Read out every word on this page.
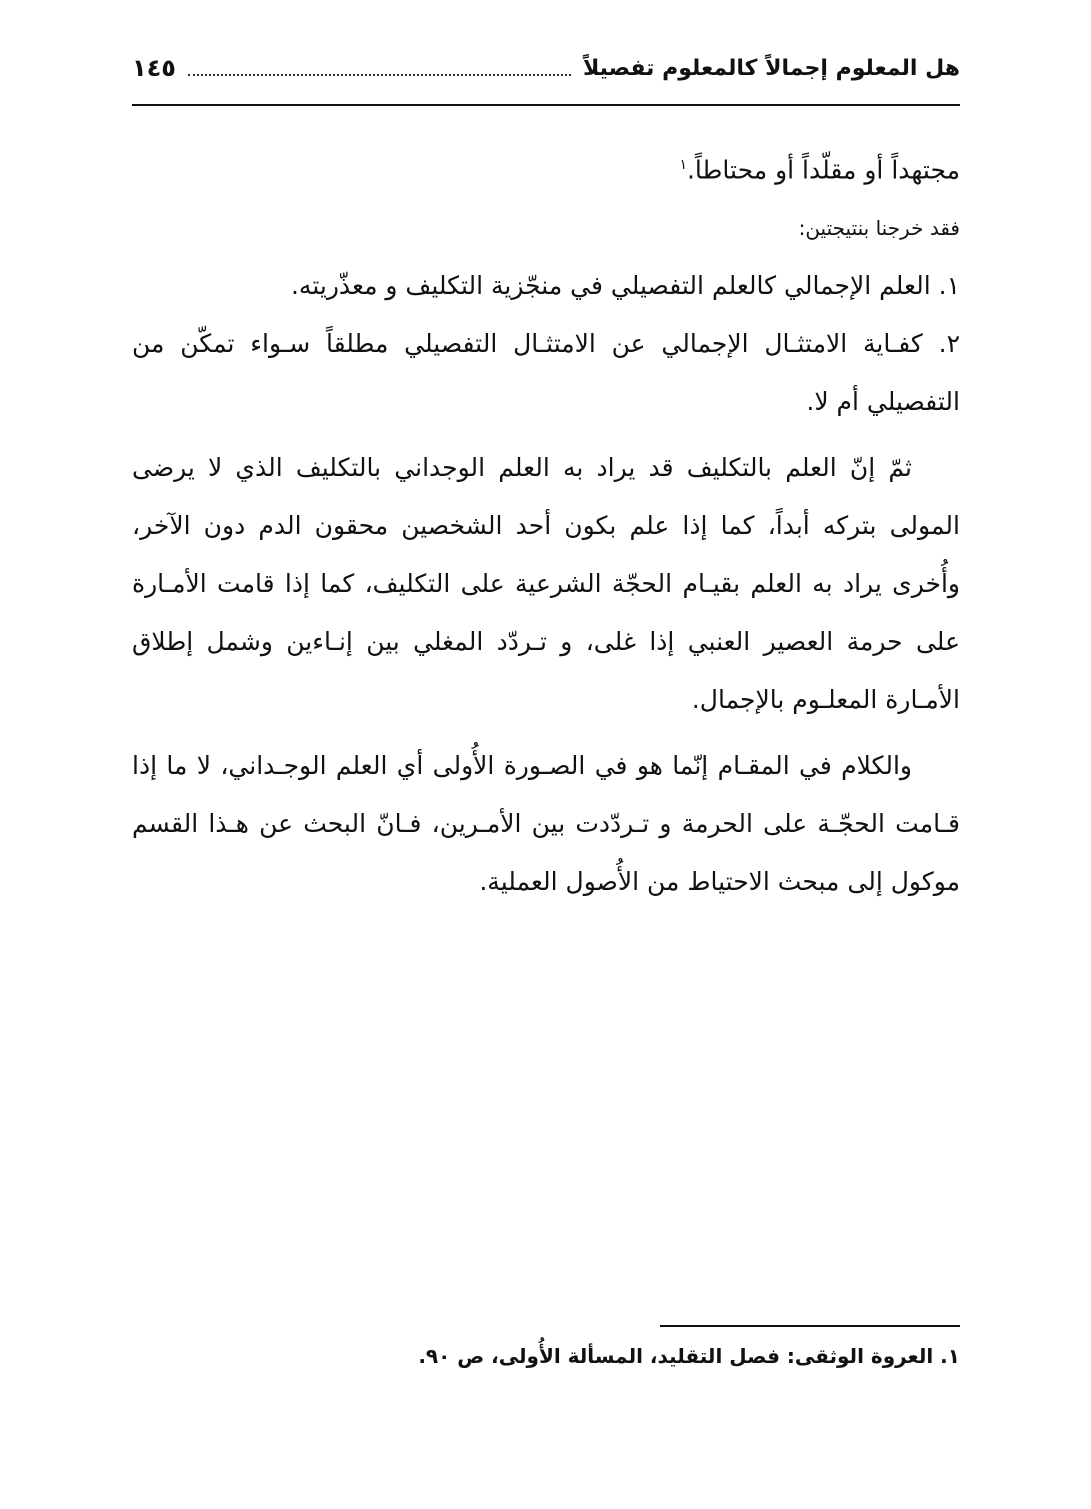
هل المعلوم إجمالاً كالمعلوم تفصيلاً
١٤٥

مجتهداً أو مقلّداً أو محتاطاً.$^١$

فقد خرجنا بنتيجتين:

١. العلم الإجمالي كالعلم التفصيلي في منجّزية التكليف و معذّريته.

٢. كفـاية الامتثـال الإجمالي عن الامتثـال التفصيلي مطلقاً سـواء تمكّن من التفصيلي أم لا.

ثمّ إنّ العلم بالتكليف قد يراد به العلم الوجداني بالتكليف الذي لا يرضى المولى بتركه أبداً، كما إذا علم بكون أحد الشخصين محقون الدم دون الآخر، وأُخرى يراد به العلم بقيـام الحجّة الشرعية على التكليف، كما إذا قامت الأمـارة على حرمة العصير العنبي إذا غلى، و تـردّد المغلي بين إنـاءين وشمل إطلاق الأمـارة المعلـوم بالإجمال.

والكلام في المقـام إنّما هو في الصـورة الأُولى أي العلم الوجـداني، لا ما إذا قـامت الحجّـة على الحرمة و تـردّدت بين الأمـرين، فـانّ البحث عن هـذا القسم موكول إلى مبحث الاحتياط من الأُصول العملية.

١. العروة الوثقى: فصل التقليد، المسألة الأُولى، ص ٩٠.
